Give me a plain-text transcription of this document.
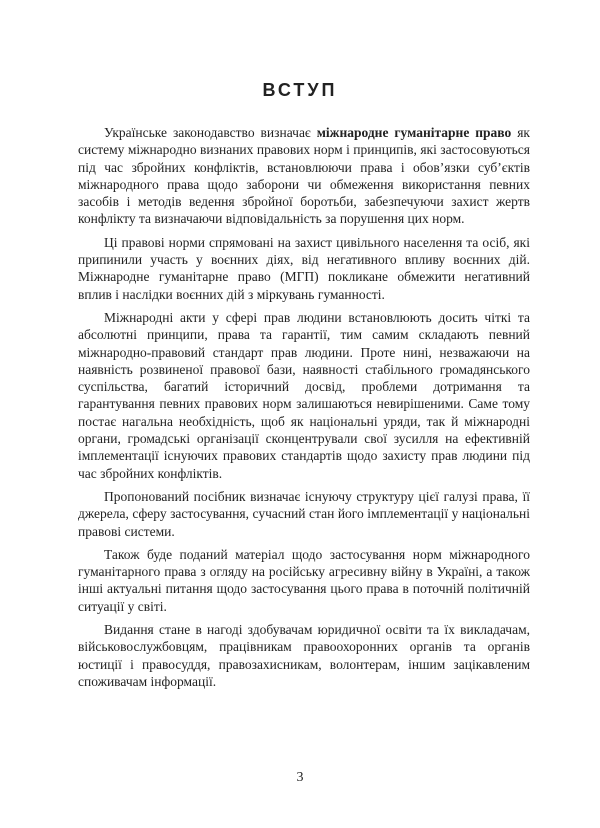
ВСТУП

Українське законодавство визначає міжнародне гуманітарне право як систему міжнародно визнаних правових норм і принципів, які застосовуються під час збройних конфліктів, встановлюючи права і обов’язки суб’єктів міжнародного права щодо заборони чи обмеження використання певних засобів і методів ведення збройної боротьби, забезпечуючи захист жертв конфлікту та визначаючи відповідальність за порушення цих норм.

Ці правові норми спрямовані на захист цивільного населення та осіб, які припинили участь у воєнних діях, від негативного впливу воєнних дій. Міжнародне гуманітарне право (МГП) покликане обмежити негативний вплив і наслідки воєнних дій з міркувань гуманності.

Міжнародні акти у сфері прав людини встановлюють досить чіткі та абсолютні принципи, права та гарантії, тим самим складають певний міжнародно-правовий стандарт прав людини. Проте нині, незважаючи на наявність розвиненої правової бази, наявності стабільного громадянського суспільства, багатий історичний досвід, проблеми дотримання та гарантування певних правових норм залишаються невирішеними. Саме тому постає нагальна необхідність, щоб як національні уряди, так й міжнародні органи, громадські організації сконцентрували свої зусилля на ефективній імплементації існуючих правових стандартів щодо захисту прав людини під час збройних конфліктів.

Пропонований посібник визначає існуючу структуру цієї галузі права, її джерела, сферу застосування, сучасний стан його імплементації у національні правові системи.

Також буде поданий матеріал щодо застосування норм міжнародного гуманітарного права з огляду на російську агресивну війну в Україні, а також інші актуальні питання щодо застосування цього права в поточній політичній ситуації у світі.

Видання стане в нагоді здобувачам юридичної освіти та їх викладачам, військовослужбовцям, працівникам правоохоронних органів та органів юстиції і правосуддя, правозахисникам, волонтерам, іншим зацікавленим споживачам інформації.

3
